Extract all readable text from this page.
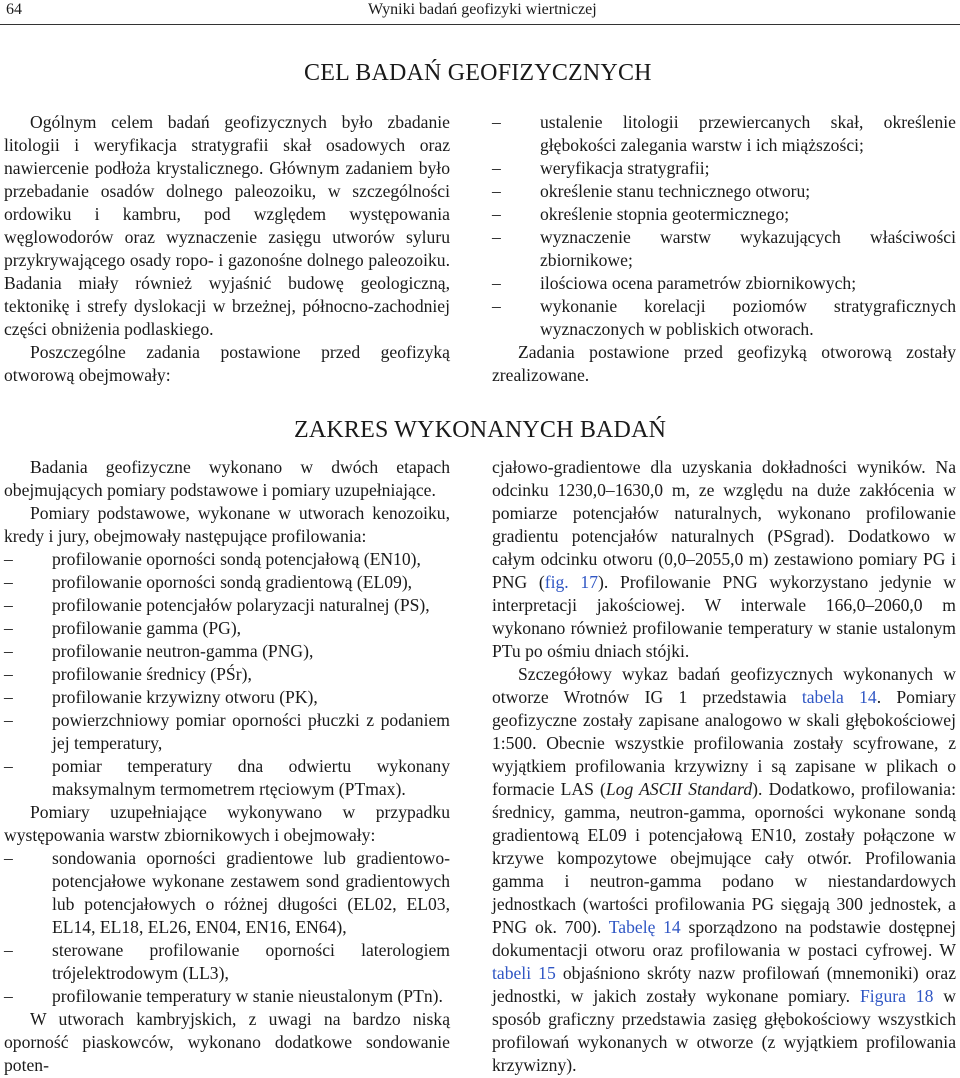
64	Wyniki badań geofizyki wiertniczej
CEL BADAŃ GEOFIZYCZNYCH

Ogólnym celem badań geofizycznych było zbadanie litologii i weryfikacja stratygrafii skał osadowych oraz nawiercenie podłoża krystalicznego. Głównym zadaniem było przebadanie osadów dolnego paleozoiku, w szczególności ordowiku i kambru, pod względem występowania węglowodorów oraz wyznaczenie zasięgu utworów syluru przykrywającego osady ropo- i gazonośne dolnego paleozoiku. Badania miały również wyjaśnić budowę geologiczną, tektonikę i strefy dyslokacji w brzeżnej, północno-zachodniej części obniżenia podlaskiego.

Poszczególne zadania postawione przed geofizyką otworową obejmowały:

– ustalenie litologii przewiercanych skał, określenie głębokości zalegania warstw i ich miąższości;
– weryfikacja stratygrafii;
– określenie stanu technicznego otworu;
– określenie stopnia geotermicznego;
– wyznaczenie warstw wykazujących właściwości zbiornikowe;
– ilościowa ocena parametrów zbiornikowych;
– wykonanie korelacji poziomów stratygraficznych wyznaczonych w pobliskich otworach.

Zadania postawione przed geofizyką otworową zostały zrealizowane.

ZAKRES WYKONANYCH BADAŃ

Badania geofizyczne wykonano w dwóch etapach obejmujących pomiary podstawowe i pomiary uzupełniające.

Pomiary podstawowe, wykonane w utworach kenozoiku, kredy i jury, obejmowały następujące profilowania:

– profilowanie oporności sondą potencjałową (EN10),
– profilowanie oporności sondą gradientową (EL09),
– profilowanie potencjałów polaryzacji naturalnej (PS),
– profilowanie gamma (PG),
– profilowanie neutron-gamma (PNG),
– profilowanie średnicy (PŚr),
– profilowanie krzywizny otworu (PK),
– powierzchniowy pomiar oporności płuczki z podaniem jej temperatury,
– pomiar temperatury dna odwiertu wykonany maksymalnym termometrem rtęciowym (PTmax).

Pomiary uzupełniające wykonywano w przypadku występowania warstw zbiornikowych i obejmowały:

– sondowania oporności gradientowe lub gradientowo-potencjałowe wykonane zestawem sond gradientowych lub potencjałowych o różnej długości (EL02, EL03, EL14, EL18, EL26, EN04, EN16, EN64),
– sterowane profilowanie oporności laterologiem trójelektrodowym (LL3),
– profilowanie temperatury w stanie nieustalonym (PTn).

W utworach kambryjskich, z uwagi na bardzo niską oporność piaskowców, wykonano dodatkowe sondowanie poten-

cjałowo-gradientowe dla uzyskania dokładności wyników. Na odcinku 1230,0–1630,0 m, ze względu na duże zakłócenia w pomiarze potencjałów naturalnych, wykonano profilowanie gradientu potencjałów naturalnych (PSgrad). Dodatkowo w całym odcinku otworu (0,0–2055,0 m) zestawiono pomiary PG i PNG (fig. 17). Profilowanie PNG wykorzystano jedynie w interpretacji jakościowej. W interwale 166,0–2060,0 m wykonano również profilowanie temperatury w stanie ustalonym PTu po ośmiu dniach stójki.

Szczegółowy wykaz badań geofizycznych wykonanych w otworze Wrotnów IG 1 przedstawia tabela 14. Pomiary geofizyczne zostały zapisane analogowo w skali głębokościowej 1:500. Obecnie wszystkie profilowania zostały scyfrowane, z wyjątkiem profilowania krzywizny i są zapisane w plikach o formacie LAS (Log ASCII Standard). Dodatkowo, profilowania: średnicy, gamma, neutron-gamma, oporności wykonane sondą gradientową EL09 i potencjałową EN10, zostały połączone w krzywe kompozytowe obejmujące cały otwór. Profilowania gamma i neutron-gamma podano w niestandardowych jednostkach (wartości profilowania PG sięgają 300 jednostek, a PNG ok. 700). Tabelę 14 sporządzono na podstawie dostępnej dokumentacji otworu oraz profilowania w postaci cyfrowej. W tabeli 15 objaśniono skróty nazw profilowań (mnemoniki) oraz jednostki, w jakich zostały wykonane pomiary. Figura 18 w sposób graficzny przedstawia zasięg głębokościowy wszystkich profilowań wykonanych w otworze (z wyjątkiem profilowania krzywizny).
